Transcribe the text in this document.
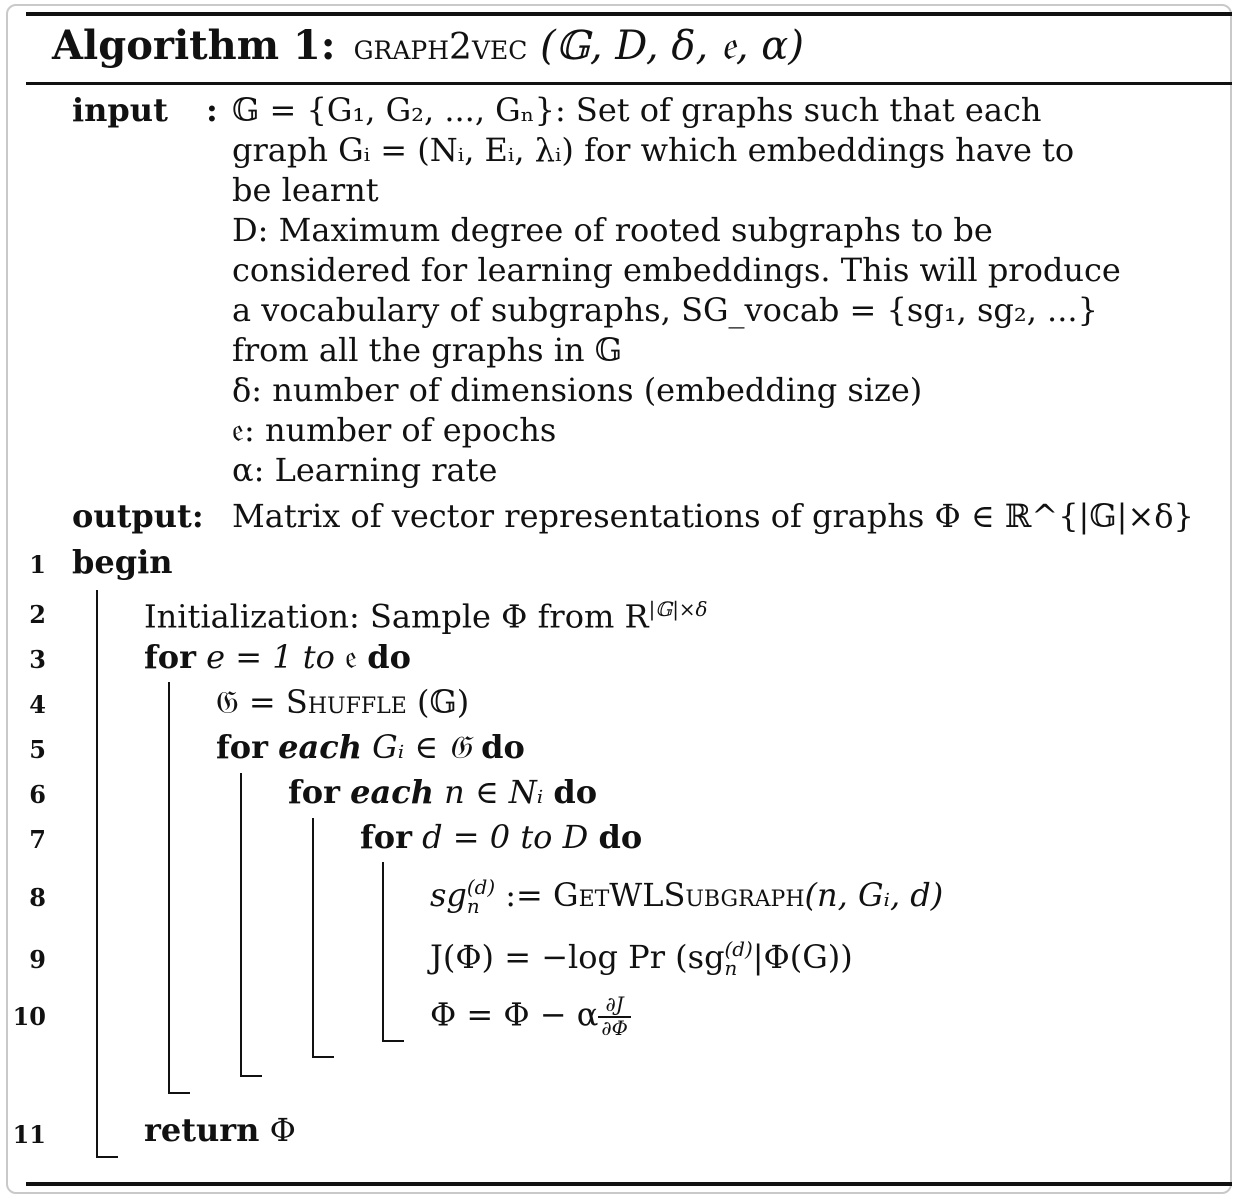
Algorithm 1: graph2vec (𝔾, D, δ, 𝔢, α)
input : 𝔾 = {G₁, G₂, ..., Gₙ}: Set of graphs such that each
graph Gᵢ = (Nᵢ, Eᵢ, λᵢ) for which embeddings have to
be learnt
D: Maximum degree of rooted subgraphs to be
considered for learning embeddings. This will produce
a vocabulary of subgraphs, SG_vocab = {sg₁, sg₂, ...}
from all the graphs in 𝔾
δ: number of dimensions (embedding size)
𝔢: number of epochs
α: Learning rate
output: Matrix of vector representations of graphs Φ ∈ ℝ^{|𝔾|×δ}
1
2
3
4
5
6
7
8
9
10
11
begin
Initialization: Sample Φ from $R^{|𝔾|\times\delta}$
for e = 1 to 𝔢 do
𝔊 = Shuffle (𝔾)
for each Gᵢ ∈ 𝔊 do
for each n ∈ Nᵢ do
for d = 0 to D do
sg (d)
n := GetWLSubgraph(n, Gᵢ, d)
J(Φ) = −log Pr (sg (d)
n |Φ(G))
Φ = Φ − α $\frac{\partial J}{\partial\Phi}$
return Φ
